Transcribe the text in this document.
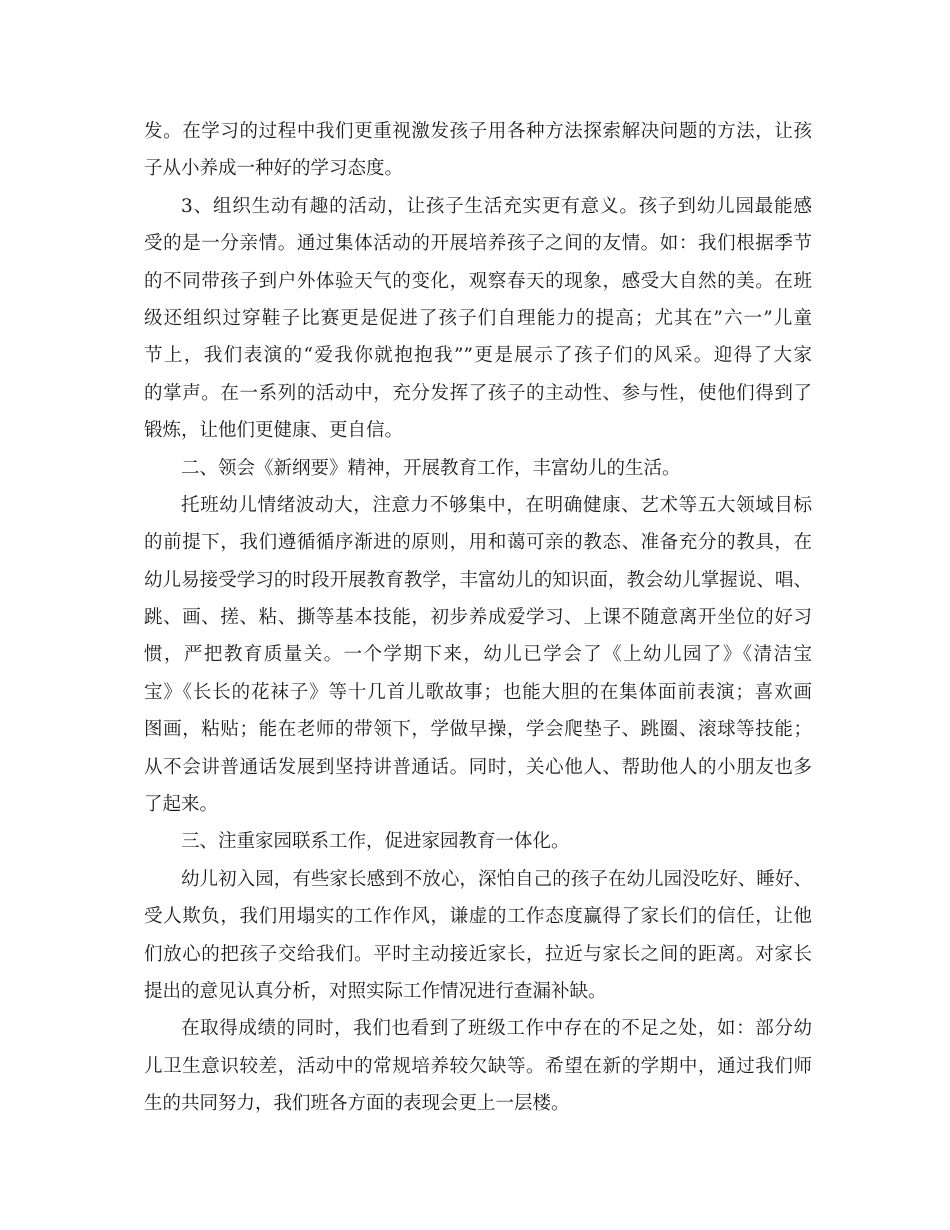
发。在学习的过程中我们更重视激发孩子用各种方法探索解决问题的方法，让孩
子从小养成一种好的学习态度。
3、组织生动有趣的活动，让孩子生活充实更有意义。孩子到幼儿园最能感
受的是一分亲情。通过集体活动的开展培养孩子之间的友情。如：我们根据季节
的不同带孩子到户外体验天气的变化，观察春天的现象，感受大自然的美。在班
级还组织过穿鞋子比赛更是促进了孩子们自理能力的提高；尤其在”六一”儿童
节上，我们表演的“爱我你就抱抱我””更是展示了孩子们的风采。迎得了大家
的掌声。在一系列的活动中，充分发挥了孩子的主动性、参与性，使他们得到了
锻炼，让他们更健康、更自信。
二、领会《新纲要》精神，开展教育工作，丰富幼儿的生活。
托班幼儿情绪波动大，注意力不够集中，在明确健康、艺术等五大领域目标
的前提下，我们遵循循序渐进的原则，用和蔼可亲的教态、准备充分的教具，在
幼儿易接受学习的时段开展教育教学，丰富幼儿的知识面，教会幼儿掌握说、唱、
跳、画、搓、粘、撕等基本技能，初步养成爱学习、上课不随意离开坐位的好习
惯，严把教育质量关。一个学期下来，幼儿已学会了《上幼儿园了》《清洁宝
宝》《长长的花袜子》等十几首儿歌故事；也能大胆的在集体面前表演；喜欢画
图画，粘贴；能在老师的带领下，学做早操，学会爬垫子、跳圈、滚球等技能；
从不会讲普通话发展到坚持讲普通话。同时，关心他人、帮助他人的小朋友也多
了起来。
三、注重家园联系工作，促进家园教育一体化。
幼儿初入园，有些家长感到不放心，深怕自己的孩子在幼儿园没吃好、睡好、
受人欺负，我们用塌实的工作作风，谦虚的工作态度赢得了家长们的信任，让他
们放心的把孩子交给我们。平时主动接近家长，拉近与家长之间的距离。对家长
提出的意见认真分析，对照实际工作情况进行查漏补缺。
在取得成绩的同时，我们也看到了班级工作中存在的不足之处，如：部分幼
儿卫生意识较差，活动中的常规培养较欠缺等。希望在新的学期中，通过我们师
生的共同努力，我们班各方面的表现会更上一层楼。
